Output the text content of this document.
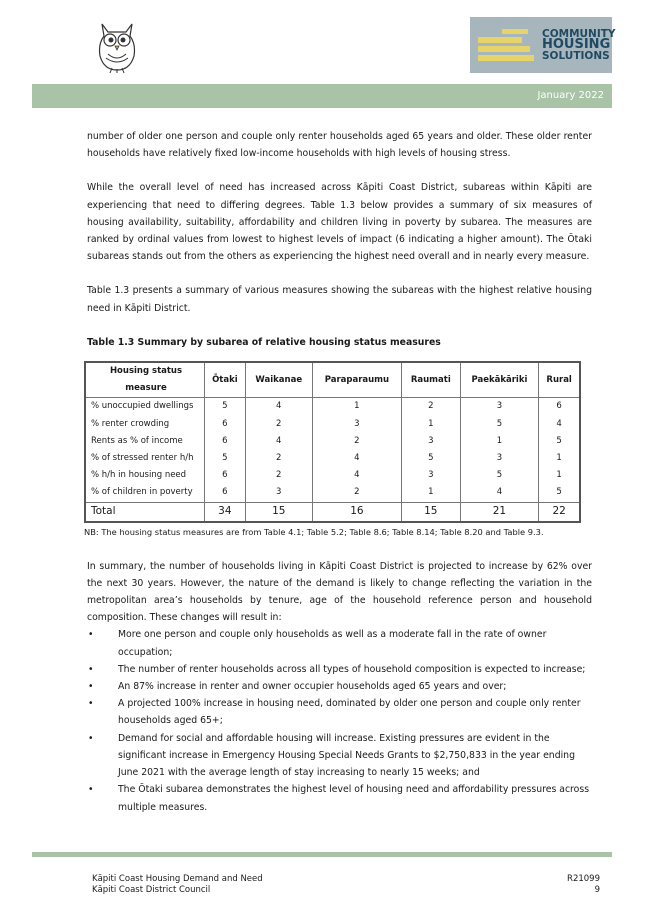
COMMUNITY
HOUSING
SOLUTIONS
January 2022

number of older one person and couple only renter households aged 65 years and older. These older renter households have relatively fixed low-income households with high levels of housing stress.

While the overall level of need has increased across Kāpiti Coast District, subareas within Kāpiti are experiencing that need to differing degrees. Table 1.3 below provides a summary of six measures of housing availability, suitability, affordability and children living in poverty by subarea. The measures are ranked by ordinal values from lowest to highest levels of impact (6 indicating a higher amount). The Ōtaki subareas stands out from the others as experiencing the highest need overall and in nearly every measure.

Table 1.3 presents a summary of various measures showing the subareas with the highest relative housing need in Kāpiti District.

Table 1.3 Summary by subarea of relative housing status measures

Housing status measure	Ōtaki	Waikanae	Paraparaumu	Raumati	Paekākāriki	Rural
% unoccupied dwellings	5	4	1	2	3	6
% renter crowding	6	2	3	1	5	4
Rents as % of income	6	4	2	3	1	5
% of stressed renter h/h	5	2	4	5	3	1
% h/h in housing need	6	2	4	3	5	1
% of children in poverty	6	3	2	1	4	5
Total	34	15	16	15	21	22

NB: The housing status measures are from Table 4.1; Table 5.2; Table 8.6; Table 8.14; Table 8.20 and Table 9.3.

In summary, the number of households living in Kāpiti Coast District is projected to increase by 62% over the next 30 years. However, the nature of the demand is likely to change reflecting the variation in the metropolitan area’s households by tenure, age of the household reference person and household composition. These changes will result in:

• More one person and couple only households as well as a moderate fall in the rate of owner occupation;
• The number of renter households across all types of household composition is expected to increase;
• An 87% increase in renter and owner occupier households aged 65 years and over;
• A projected 100% increase in housing need, dominated by older one person and couple only renter households aged 65+;
• Demand for social and affordable housing will increase. Existing pressures are evident in the significant increase in Emergency Housing Special Needs Grants to $2,750,833 in the year ending June 2021 with the average length of stay increasing to nearly 15 weeks; and
• The Ōtaki subarea demonstrates the highest level of housing need and affordability pressures across multiple measures.
Kāpiti Coast Housing Demand and Need
Kāpiti Coast District Council
R21099
9
